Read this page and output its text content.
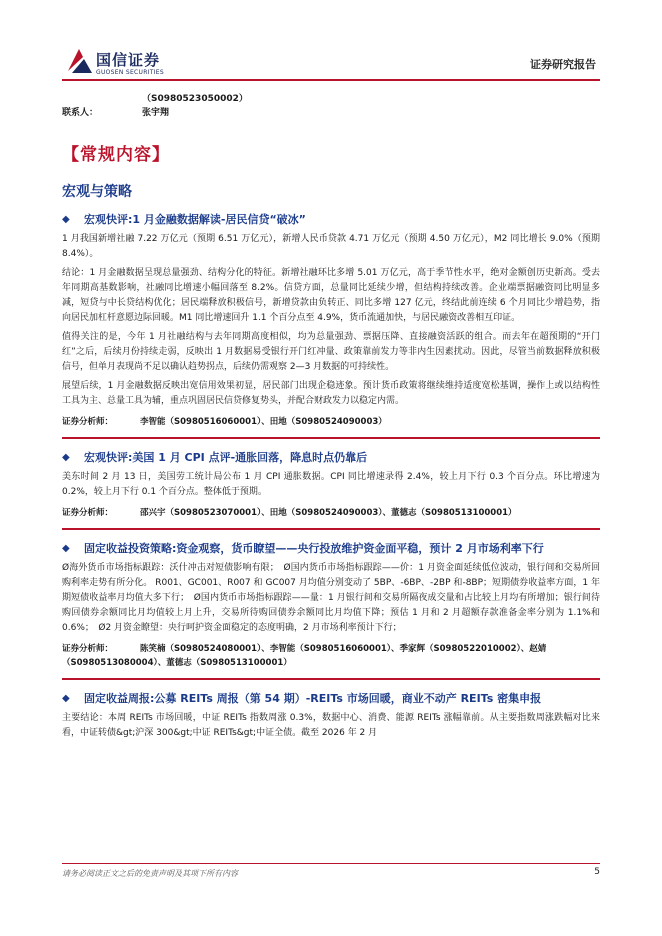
国信证券
GUOSEN SECURITIES
证券研究报告
（S0980523050002）
联系人：	张宇翔
【常规内容】
宏观与策略
◆	宏观快评:1 月金融数据解读-居民信贷“破冰”
1 月我国新增社融 7.22 万亿元（预期 6.51 万亿元），新增人民币贷款 4.71 万亿元（预期 4.50 万亿元），M2 同比增长 9.0%（预期 8.4%）。
结论：1 月金融数据呈现总量强劲、结构分化的特征。新增社融环比多增 5.01 万亿元，高于季节性水平，绝对金额创历史新高。受去年同期高基数影响，社融同比增速小幅回落至 8.2%。信贷方面，总量同比延续少增，但结构持续改善。企业端票据融资同比明显多减，短贷与中长贷结构优化；居民端释放积极信号，新增贷款由负转正、同比多增 127 亿元，终结此前连续 6 个月同比少增趋势，指向居民加杠杆意愿边际回暖。M1 同比增速回升 1.1 个百分点至 4.9%，货币流通加快，与居民融资改善相互印证。
值得关注的是，今年 1 月社融结构与去年同期高度相似，均为总量强劲、票据压降、直接融资活跃的组合。而去年在超预期的“开门红”之后，后续月份持续走弱，反映出 1 月数据易受银行开门红冲量、政策靠前发力等非内生因素扰动。因此，尽管当前数据释放积极信号，但单月表现尚不足以确认趋势拐点，后续仍需观察 2—3 月数据的可持续性。
展望后续，1 月金融数据反映出宽信用效果初显，居民部门出现企稳迹象。预计货币政策将继续维持适度宽松基调，操作上或以结构性工具为主、总量工具为辅，重点巩固居民信贷修复势头，并配合财政发力以稳定内需。
证券分析师：	李智能（S0980516060001）、田地（S0980524090003）
◆	宏观快评:美国 1 月 CPI 点评-通胀回落，降息时点仍靠后
美东时间 2 月 13 日，美国劳工统计局公布 1 月 CPI 通胀数据。CPI 同比增速录得 2.4%，较上月下行 0.3 个百分点。环比增速为 0.2%，较上月下行 0.1 个百分点。整体低于预期。
证券分析师：	邵兴宇（S0980523070001）、田地（S0980524090003）、董德志（S0980513100001）
◆	固定收益投资策略:资金观察，货币瞭望——央行投放维护资金面平稳，预计 2 月市场利率下行
Ø海外货币市场指标跟踪：沃什冲击对短债影响有限；　Ø国内货币市场指标跟踪——价：1 月资金面延续低位波动，银行间和交易所回购利率走势有所分化。 R001、GC001、R007 和 GC007 月均值分别变动了 5BP、-6BP、-2BP 和-8BP；短期债券收益率方面，1 年期短债收益率月均值大多下行；　Ø国内货币市场指标跟踪——量：1 月银行间和交易所隔夜成交量和占比较上月均有所增加；银行间待购回债券余额同比月均值较上月上升，交易所待购回债券余额同比月均值下降；预估 1 月和 2 月超额存款准备金率分别为 1.1%和 0.6%；　Ø2 月资金瞭望：央行呵护资金面稳定的态度明确，2 月市场利率预计下行；
证券分析师：	陈笑楠（S0980524080001）、李智能（S0980516060001）、季家辉（S0980522010002）、赵婧（S0980513080004）、董德志（S0980513100001）
◆	固定收益周报:公募 REITs 周报（第 54 期）-REITs 市场回暖，商业不动产 REITs 密集申报
主要结论：本周 REITs 市场回暖，中证 REITs 指数周涨 0.3%，数据中心、消费、能源 REITs 涨幅靠前。从主要指数周涨跌幅对比来看，中证转债&gt;沪深 300&gt;中证 REITs&gt;中证全债。截至 2026 年 2 月
请务必阅读正文之后的免责声明及其项下所有内容	5
